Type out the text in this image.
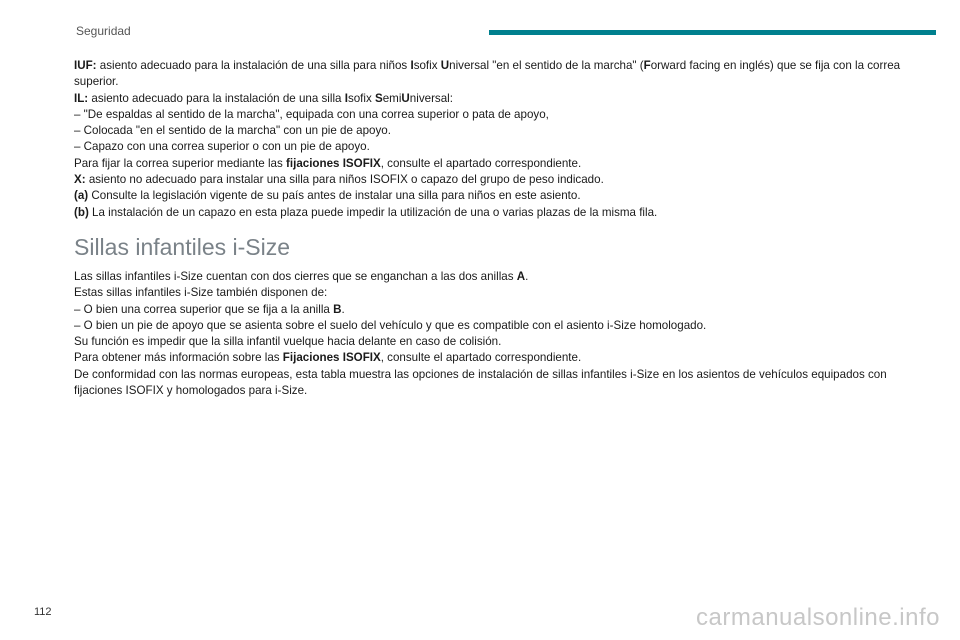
Seguridad

IUF: asiento adecuado para la instalación de una silla para niños Isofix Universal "en el sentido de la marcha" (Forward facing en inglés) que se fija con la correa superior.

IL: asiento adecuado para la instalación de una silla Isofix SemiUniversal:

– "De espaldas al sentido de la marcha", equipada con una correa superior o pata de apoyo,

– Colocada "en el sentido de la marcha" con un pie de apoyo.

– Capazo con una correa superior o con un pie de apoyo.

Para fijar la correa superior mediante las fijaciones ISOFIX, consulte el apartado correspondiente.

X: asiento no adecuado para instalar una silla para niños ISOFIX o capazo del grupo de peso indicado.

(a) Consulte la legislación vigente de su país antes de instalar una silla para niños en este asiento.

(b) La instalación de un capazo en esta plaza puede impedir la utilización de una o varias plazas de la misma fila.

Sillas infantiles i-Size

Las sillas infantiles i-Size cuentan con dos cierres que se enganchan a las dos anillas A.

Estas sillas infantiles i-Size también disponen de:

– O bien una correa superior que se fija a la anilla B.

– O bien un pie de apoyo que se asienta sobre el suelo del vehículo y que es compatible con el asiento i-Size homologado.

Su función es impedir que la silla infantil vuelque hacia delante en caso de colisión.

Para obtener más información sobre las Fijaciones ISOFIX, consulte el apartado correspondiente.

De conformidad con las normas europeas, esta tabla muestra las opciones de instalación de sillas infantiles i-Size en los asientos de vehículos equipados con fijaciones ISOFIX y homologados para i-Size.

112	carmanualsonline.info
